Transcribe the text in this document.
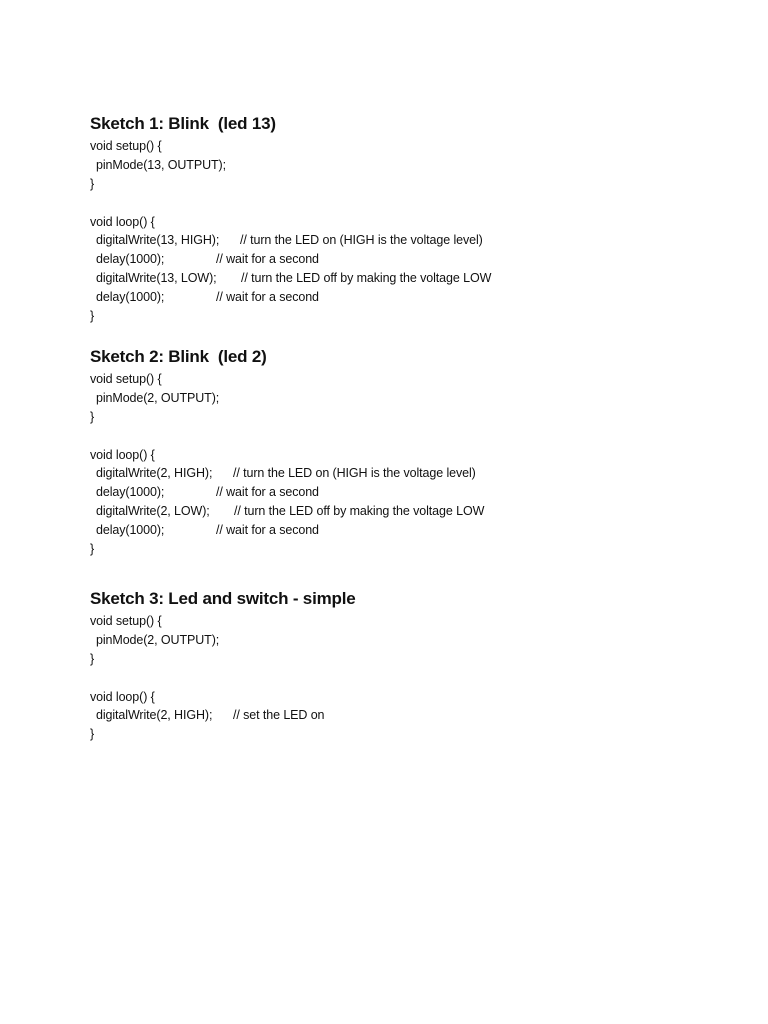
Sketch 1: Blink  (led 13)
void setup() {
pinMode(13, OUTPUT);
}
void loop() {
digitalWrite(13, HIGH); // turn the LED on (HIGH is the voltage level)
delay(1000);	// wait for a second
digitalWrite(13, LOW); // turn the LED off by making the voltage LOW
delay(1000);	// wait for a second
}
Sketch 2: Blink  (led 2)
void setup() {
pinMode(2, OUTPUT);
}
void loop() {
digitalWrite(2, HIGH); // turn the LED on (HIGH is the voltage level)
delay(1000);	// wait for a second
digitalWrite(2, LOW); // turn the LED off by making the voltage LOW
delay(1000);	// wait for a second
}
Sketch 3: Led and switch - simple
void setup() {
pinMode(2, OUTPUT);
}
void loop() {
digitalWrite(2, HIGH); // set the LED on
}
